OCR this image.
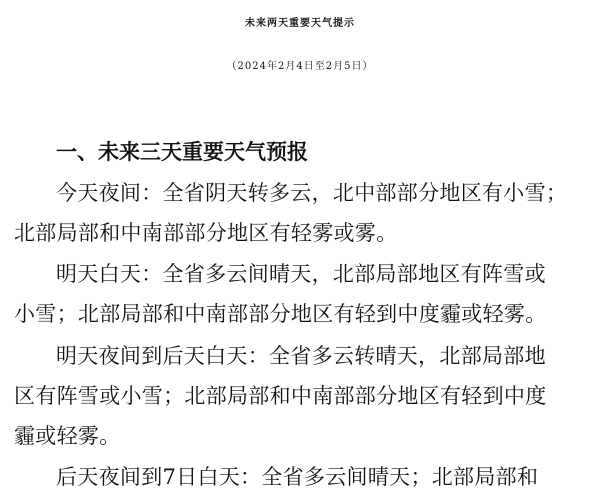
未来两天重要天气提示
（2024年2月4日至2月5日）
一、未来三天重要天气预报
今天夜间：全省阴天转多云，北中部部分地区有小雪；
北部局部和中南部部分地区有轻雾或雾。
明天白天：全省多云间晴天，北部局部地区有阵雪或
小雪；北部局部和中南部部分地区有轻到中度霾或轻雾。
明天夜间到后天白天：全省多云转晴天，北部局部地
区有阵雪或小雪；北部局部和中南部部分地区有轻到中度
霾或轻雾。
后天夜间到7日白天：全省多云间晴天；北部局部和
